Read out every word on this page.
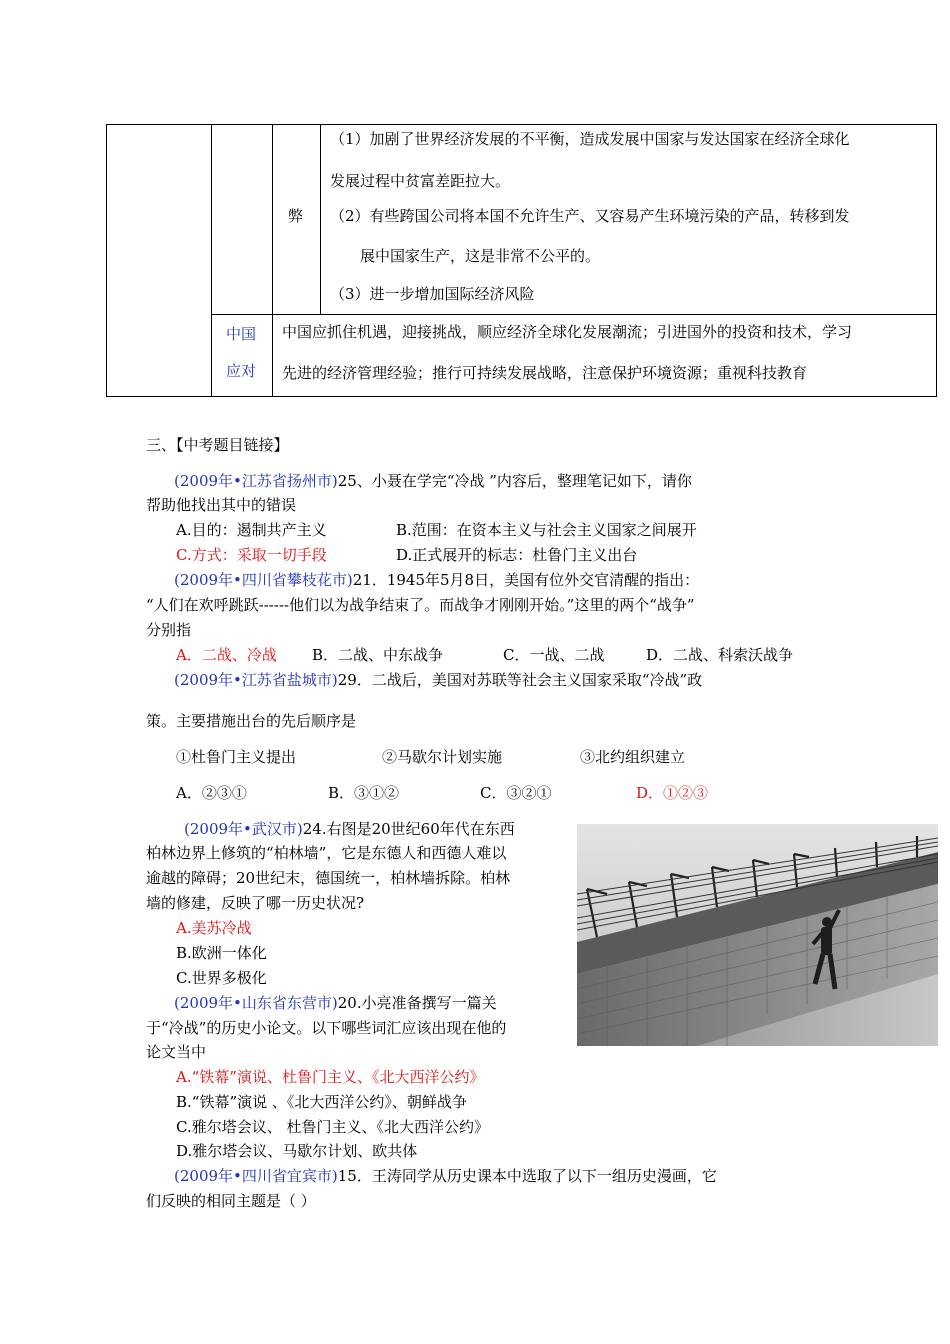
弊
（1）加剧了世界经济发展的不平衡，造成发展中国家与发达国家在经济全球化
发展过程中贫富差距拉大。
（2）有些跨国公司将本国不允许生产、又容易产生环境污染的产品，转移到发
展中国家生产，这是非常不公平的。
（3）进一步增加国际经济风险
中国
应对
中国应抓住机遇，迎接挑战，顺应经济全球化发展潮流；引进国外的投资和技术，学习
先进的经济管理经验；推行可持续发展战略，注意保护环境资源；重视科技教育
三、【中考题目链接】
(2009年•江苏省扬州市)25、小聂在学完“冷战 ”内容后，整理笔记如下，请你
帮助他找出其中的错误
A.目的：遏制共产主义	B.范围：在资本主义与社会主义国家之间展开
C.方式：采取一切手段	D.正式展开的标志：杜鲁门主义出台
(2009年•四川省攀枝花市)21．1945年5月8日，美国有位外交官清醒的指出：
“人们在欢呼跳跃------他们以为战争结束了。而战争才刚刚开始。”这里的两个“战争”
分别指
A．二战、冷战 B．二战、中东战争	C．一战、二战	D．二战、科索沃战争
(2009年•江苏省盐城市)29．二战后，美国对苏联等社会主义国家采取“冷战”政
策。主要措施出台的先后顺序是
①杜鲁门主义提出	②马歇尔计划实施	③北约组织建立
A．②③①	B．③①②	C．③②①	D．①②③
(2009年•武汉市)24.右图是20世纪60年代在东西
柏林边界上修筑的“柏林墙”，它是东德人和西德人难以
逾越的障碍；20世纪末，德国统一，柏林墙拆除。柏林
墙的修建，反映了哪一历史状况?
A.美苏冷战
B.欧洲一体化
C.世界多极化
(2009年•山东省东营市)20.小亮准备撰写一篇关
于“冷战”的历史小论文。以下哪些词汇应该出现在他的
论文当中
A.“铁幕”演说、杜鲁门主义、《北大西洋公约》
B.“铁幕”演说 、《北大西洋公约》、朝鲜战争
C.雅尔塔会议、 杜鲁门主义、《北大西洋公约》
D.雅尔塔会议、马歇尔计划、欧共体
(2009年•四川省宜宾市)15．王涛同学从历史课本中选取了以下一组历史漫画，它
们反映的相同主题是（ ）
